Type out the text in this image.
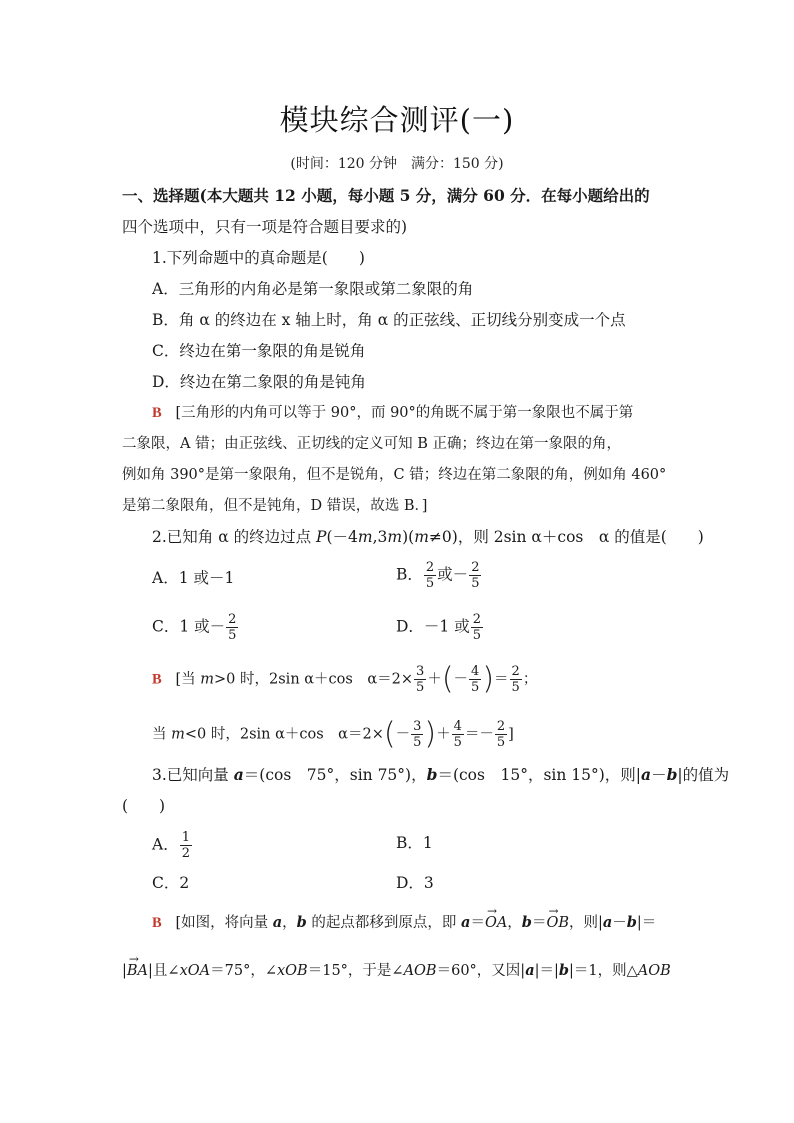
模块综合测评(一)
(时间：120 分钟　满分：150 分)
一、选择题(本大题共 12 小题，每小题 5 分，满分 60 分．在每小题给出的
四个选项中，只有一项是符合题目要求的)
1.下列命题中的真命题是(　　)
A．三角形的内角必是第一象限或第二象限的角
B．角 α 的终边在 x 轴上时，角 α 的正弦线、正切线分别变成一个点
C．终边在第一象限的角是锐角
D．终边在第二象限的角是钝角
B [三角形的内角可以等于 90°，而 90°的角既不属于第一象限也不属于第
二象限，A 错；由正弦线、正切线的定义可知 B 正确；终边在第一象限的角，
例如角 390°是第一象限角，但不是锐角，C 错；终边在第二象限的角，例如角 460°
是第二象限角，但不是钝角，D 错误，故选 B．]
2.已知角 α 的终边过点 P(－4m,3m)(m≠0)，则 2sin α＋cos　α 的值是(　　)
A．1 或－1	B． $\frac{2}{5}$ 或－ $\frac{2}{5}$
C．1 或－ $\frac{2}{5}$	D．－1 或 $\frac{2}{5}$
B [当 m>0 时，2sin α＋cos　$\alpha=2\times \frac{3}{5}$ ＋(－ $\frac{4}{5}$ )＝ $\frac{2}{5}$ ；
当 m<0 时，2sin α＋cos　$\alpha=2\times(- \frac{3}{5}$ )＋ $\frac{4}{5} =- \frac{2}{5}$ ]
3.已知向量 a＝(cos　75°，sin 75°)，b＝(cos　15°，sin 15°)，则|a－b|的值为
(　　)
A． $\frac{1}{2}$	B．1
C．2	D．3
B [如图，将向量 a，b 的起点都移到原点，即 a＝→ OA，b＝→ OB，则|a－b|＝
|→ BA|且∠xOA＝75°，∠xOB＝15°，于是∠AOB＝60°，又因|a|＝|b|＝1，则△AOB
